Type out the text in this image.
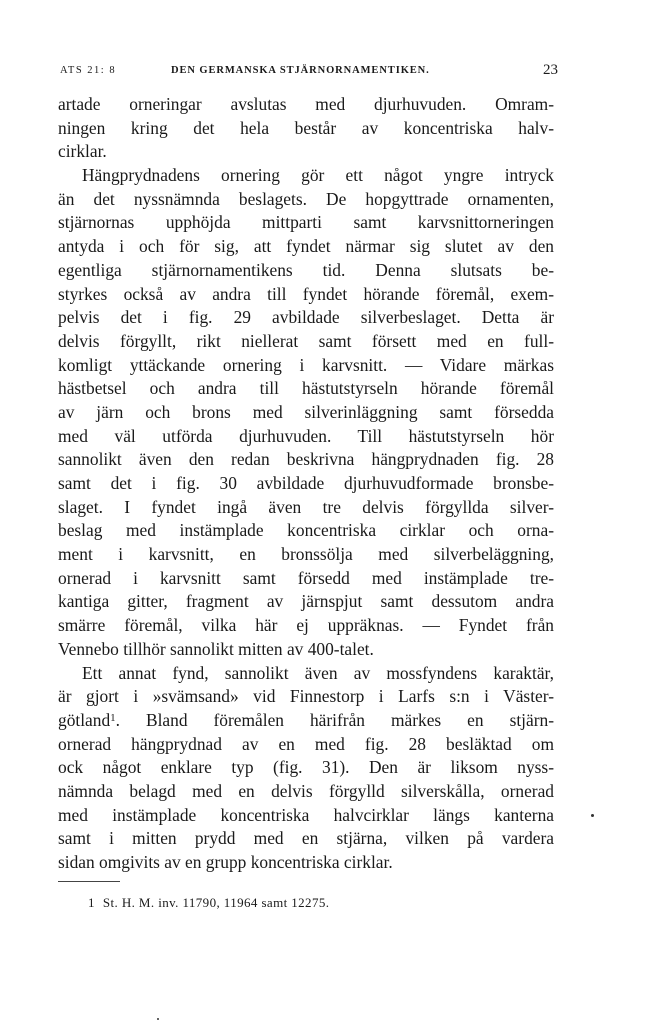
ATS 21: 8	DEN GERMANSKA STJÄRNORNAMENTIKEN.	23
artade orneringar avslutas med djurhuvuden. Omram-
ningen kring det hela består av koncentriska halv-
cirklar.
Hängprydnadens ornering gör ett något yngre intryck
än det nyssnämnda beslagets. De hopgyttrade ornamenten,
stjärnornas upphöjda mittparti samt karvsnittorneringen
antyda i och för sig, att fyndet närmar sig slutet av den
egentliga stjärnornamentikens tid. Denna slutsats be-
styrkes också av andra till fyndet hörande föremål, exem-
pelvis det i fig. 29 avbildade silverbeslaget. Detta är
delvis förgyllt, rikt niellerat samt försett med en full-
komligt yttäckande ornering i karvsnitt. — Vidare märkas
hästbetsel och andra till hästutstyrseln hörande föremål
av järn och brons med silverinläggning samt försedda
med väl utförda djurhuvuden. Till hästutstyrseln hör
sannolikt även den redan beskrivna hängprydnaden fig. 28
samt det i fig. 30 avbildade djurhuvudformade bronsbe-
slaget. I fyndet ingå även tre delvis förgyllda silver-
beslag med instämplade koncentriska cirklar och orna-
ment i karvsnitt, en bronssölja med silverbeläggning,
ornerad i karvsnitt samt försedd med instämplade tre-
kantiga gitter, fragment av järnspjut samt dessutom andra
smärre föremål, vilka här ej uppräknas. — Fyndet från
Vennebo tillhör sannolikt mitten av 400-talet.
Ett annat fynd, sannolikt även av mossfyndens karaktär,
är gjort i »svämsand» vid Finnestorp i Larfs s:n i Väster-
götland$^1$. Bland föremålen härifrån märkes en stjärn-
ornerad hängprydnad av en med fig. 28 besläktad om
ock något enklare typ (fig. 31). Den är liksom nyss-
nämnda belagd med en delvis förgylld silverskålla, ornerad
med instämplade koncentriska halvcirklar längs kanterna
samt i mitten prydd med en stjärna, vilken på vardera
sidan omgivits av en grupp koncentriska cirklar.
1 St. H. M. inv. 11790, 11964 samt 12275.
